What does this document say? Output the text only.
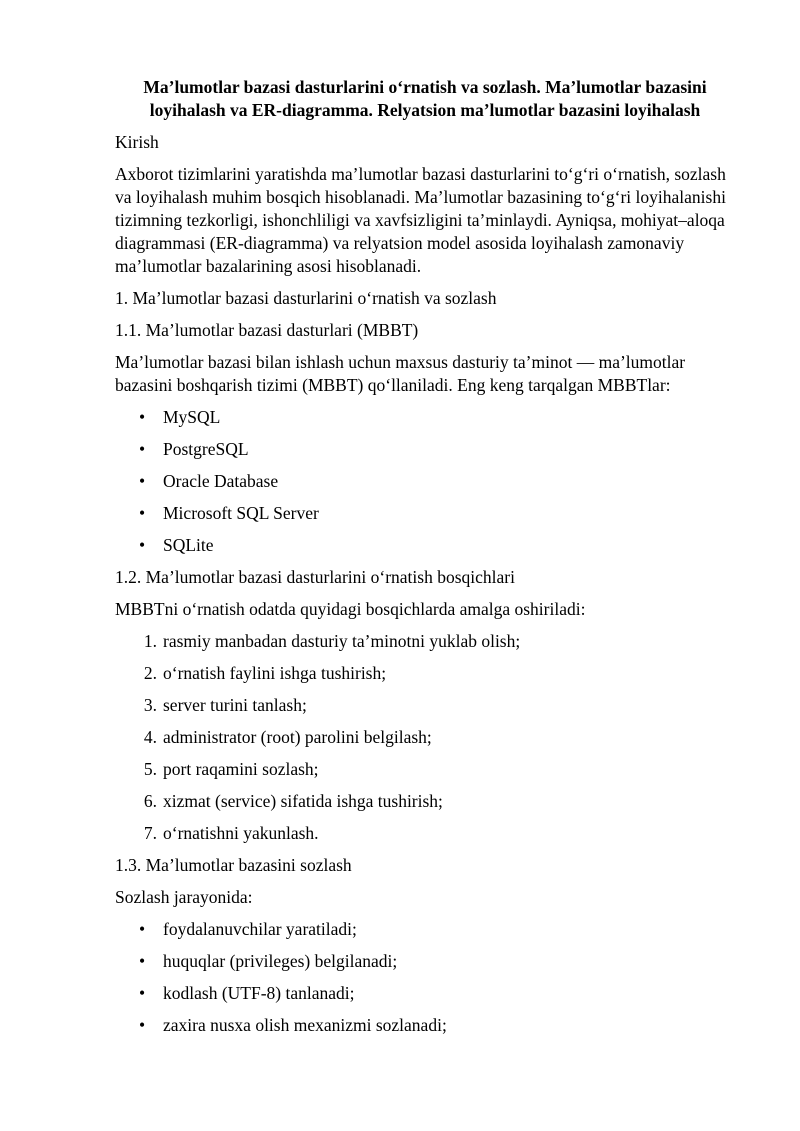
Ma’lumotlar bazasi dasturlarini o‘rnatish va sozlash. Ma’lumotlar bazasini
loyihalash va ER-diagramma. Relyatsion ma’lumotlar bazasini loyihalash

Kirish

Axborot tizimlarini yaratishda ma’lumotlar bazasi dasturlarini to‘g‘ri o‘rnatish, sozlash va loyihalash muhim bosqich hisoblanadi. Ma’lumotlar bazasining to‘g‘ri loyihalanishi tizimning tezkorligi, ishonchliligi va xavfsizligini ta’minlaydi. Ayniqsa, mohiyat–aloqa diagrammasi (ER-diagramma) va relyatsion model asosida loyihalash zamonaviy ma’lumotlar bazalarining asosi hisoblanadi.

1. Ma’lumotlar bazasi dasturlarini o‘rnatish va sozlash

1.1. Ma’lumotlar bazasi dasturlari (MBBT)

Ma’lumotlar bazasi bilan ishlash uchun maxsus dasturiy ta’minot — ma’lumotlar bazasini boshqarish tizimi (MBBT) qo‘llaniladi. Eng keng tarqalgan MBBTlar:

• MySQL
• PostgreSQL
• Oracle Database
• Microsoft SQL Server
• SQLite

1.2. Ma’lumotlar bazasi dasturlarini o‘rnatish bosqichlari

MBBTni o‘rnatish odatda quyidagi bosqichlarda amalga oshiriladi:

1. rasmiy manbadan dasturiy ta’minotni yuklab olish;
2. o‘rnatish faylini ishga tushirish;
3. server turini tanlash;
4. administrator (root) parolini belgilash;
5. port raqamini sozlash;
6. xizmat (service) sifatida ishga tushirish;
7. o‘rnatishni yakunlash.

1.3. Ma’lumotlar bazasini sozlash

Sozlash jarayonida:

• foydalanuvchilar yaratiladi;
• huquqlar (privileges) belgilanadi;
• kodlash (UTF-8) tanlanadi;
• zaxira nusxa olish mexanizmi sozlanadi;
